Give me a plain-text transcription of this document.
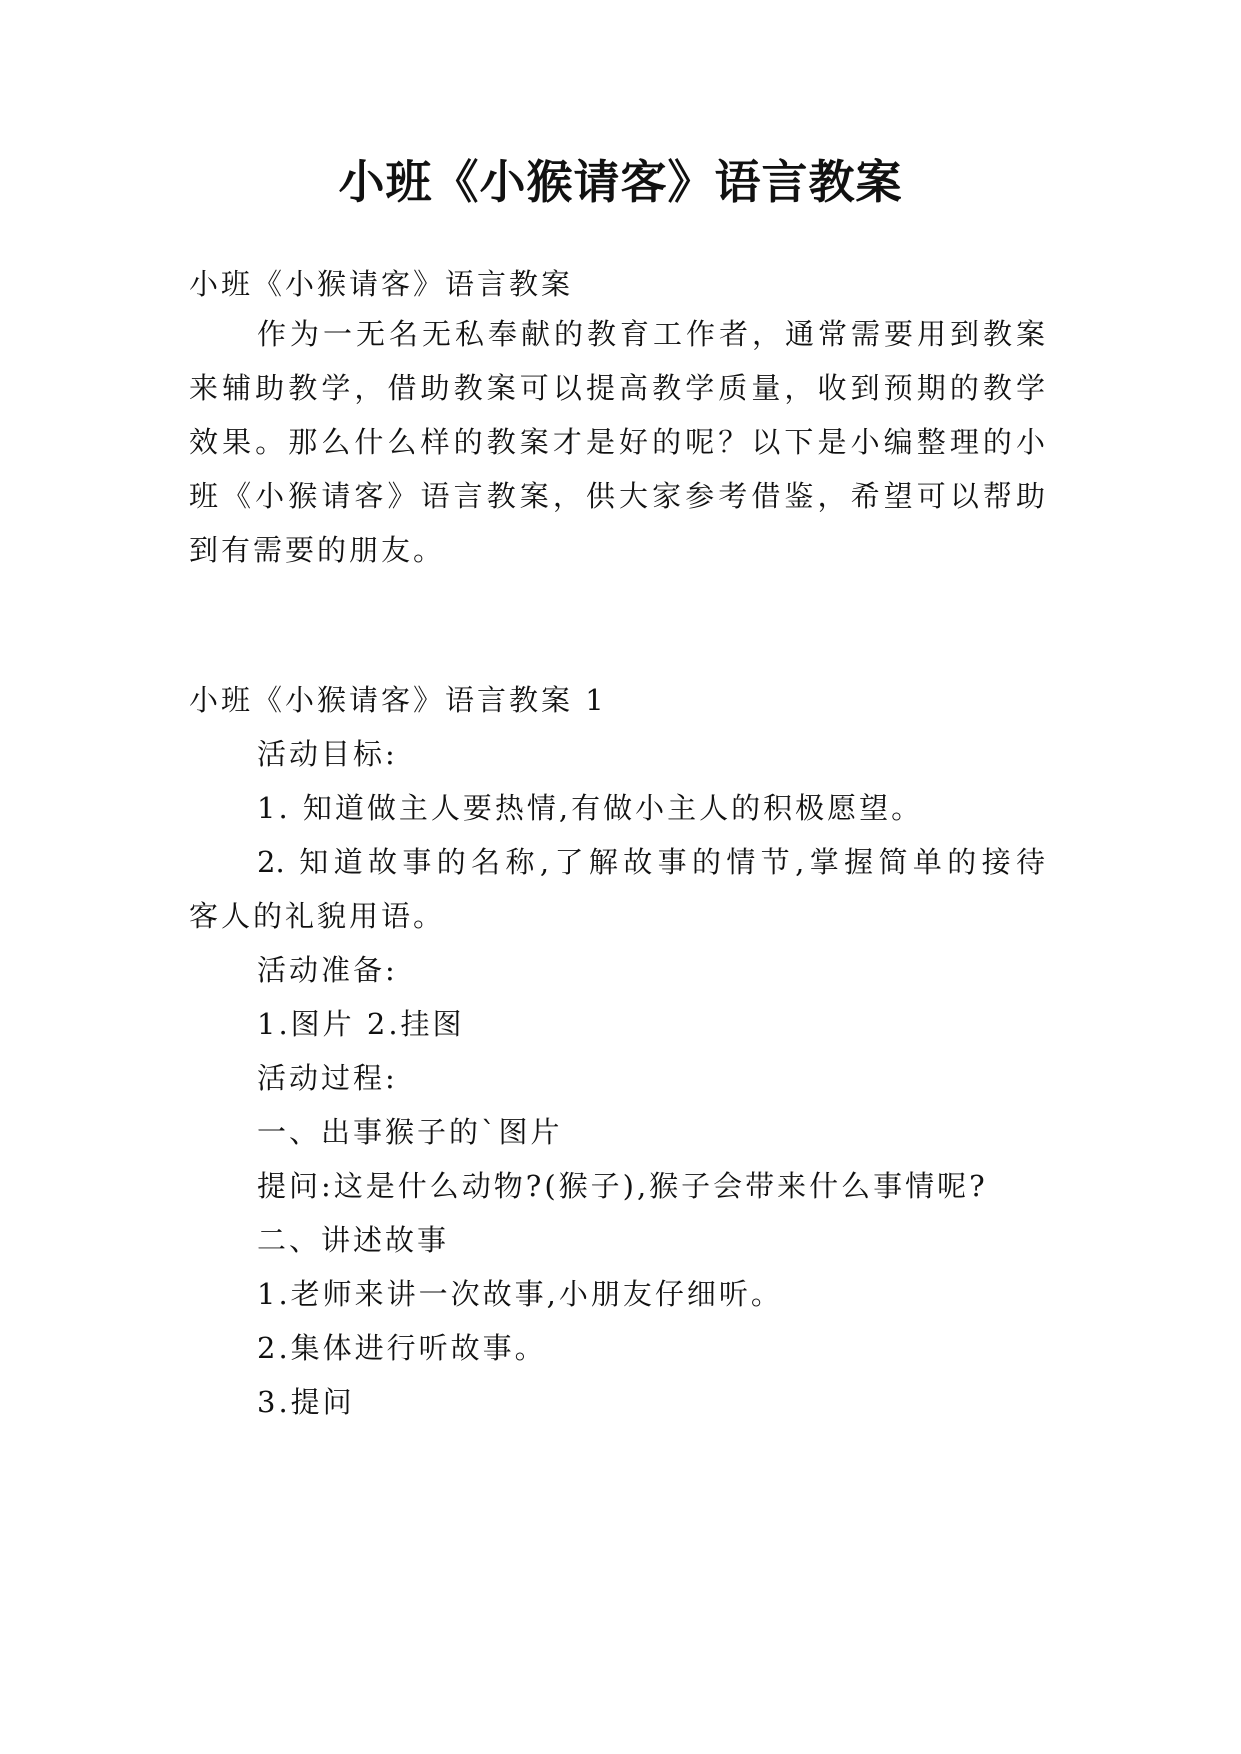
小班《小猴请客》语言教案
小班《小猴请客》语言教案
作为一无名无私奉献的教育工作者，通常需要用到教案
来辅助教学，借助教案可以提高教学质量，收到预期的教学
效果。那么什么样的教案才是好的呢？以下是小编整理的小
班《小猴请客》语言教案，供大家参考借鉴，希望可以帮助
到有需要的朋友。
小班《小猴请客》语言教案 1
活动目标:
1. 知道做主人要热情,有做小主人的积极愿望。
2. 知道故事的名称,了解故事的情节,掌握简单的接待
客人的礼貌用语。
活动准备:
1.图片 2.挂图
活动过程:
一、出事猴子的`图片
提问:这是什么动物?(猴子),猴子会带来什么事情呢?
二、讲述故事
1.老师来讲一次故事,小朋友仔细听。
2.集体进行听故事。
3.提问
